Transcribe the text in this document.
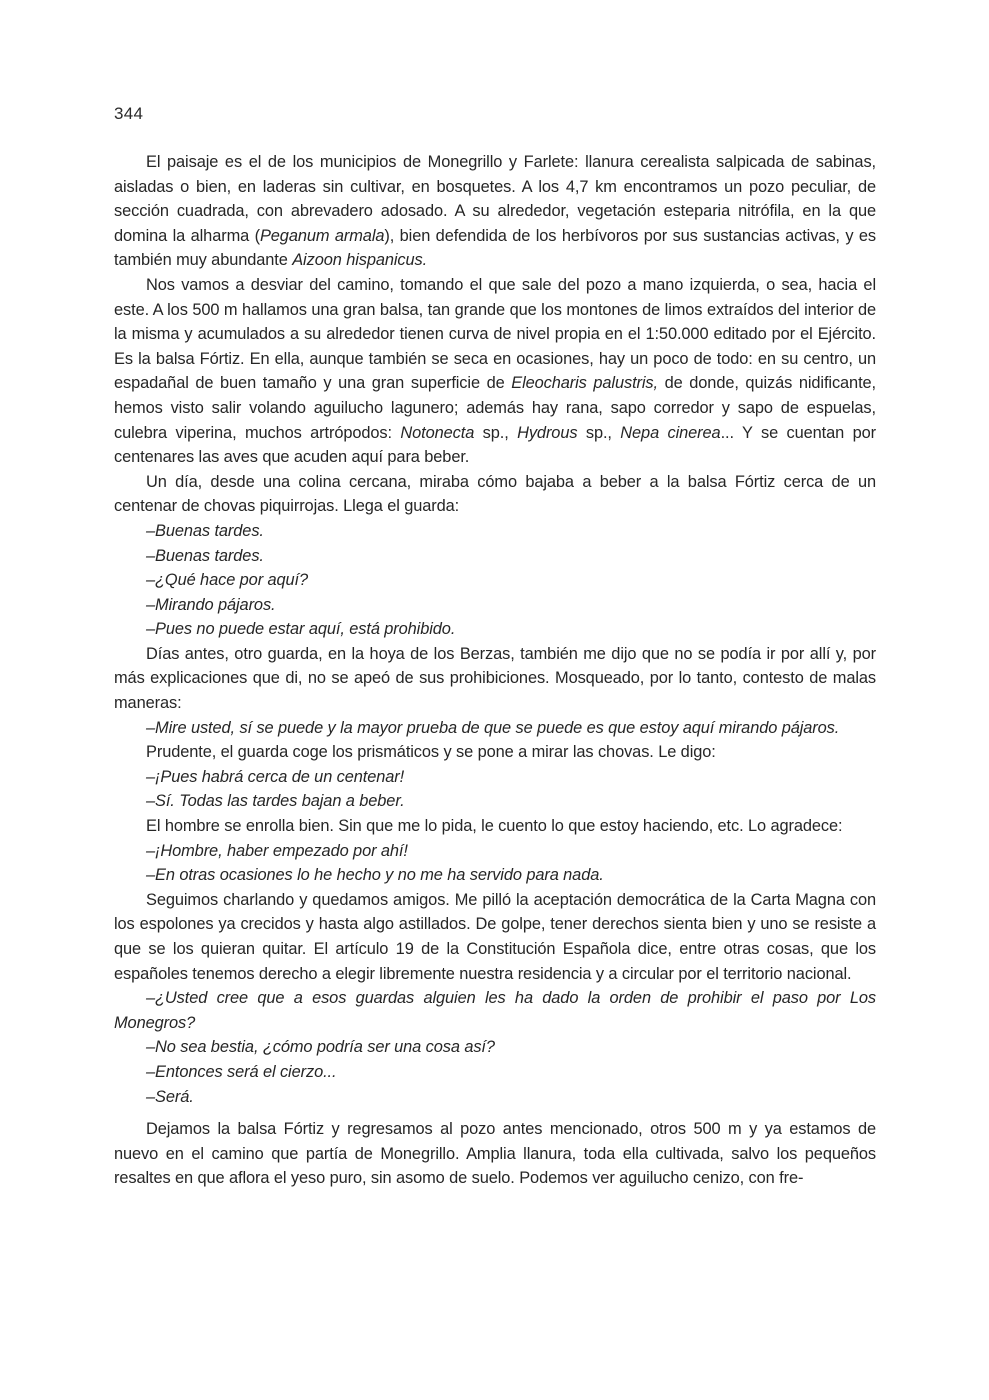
344

El paisaje es el de los municipios de Monegrillo y Farlete: llanura cerealista salpicada de sabinas, aisladas o bien, en laderas sin cultivar, en bosquetes. A los 4,7 km encontramos un pozo peculiar, de sección cuadrada, con abrevadero adosado. A su alrededor, vegetación esteparia nitrófila, en la que domina la alharma (Peganum armala), bien defendida de los herbívoros por sus sustancias activas, y es también muy abundante Aizoon hispanicus.

Nos vamos a desviar del camino, tomando el que sale del pozo a mano izquierda, o sea, hacia el este. A los 500 m hallamos una gran balsa, tan grande que los montones de limos extraídos del interior de la misma y acumulados a su alrededor tienen curva de nivel propia en el 1:50.000 editado por el Ejército. Es la balsa Fórtiz. En ella, aunque también se seca en ocasiones, hay un poco de todo: en su centro, un espadañal de buen tamaño y una gran superficie de Eleocharis palustris, de donde, quizás nidificante, hemos visto salir volando aguilucho lagunero; además hay rana, sapo corredor y sapo de espuelas, culebra viperina, muchos artrópodos: Notonecta sp., Hydrous sp., Nepa cinerea... Y se cuentan por centenares las aves que acuden aquí para beber.

Un día, desde una colina cercana, miraba cómo bajaba a beber a la balsa Fórtiz cerca de un centenar de chovas piquirrojas. Llega el guarda:

–Buenas tardes.

–Buenas tardes.

–¿Qué hace por aquí?

–Mirando pájaros.

–Pues no puede estar aquí, está prohibido.

Días antes, otro guarda, en la hoya de los Berzas, también me dijo que no se podía ir por allí y, por más explicaciones que di, no se apeó de sus prohibiciones. Mosqueado, por lo tanto, contesto de malas maneras:

–Mire usted, sí se puede y la mayor prueba de que se puede es que estoy aquí mirando pájaros.

Prudente, el guarda coge los prismáticos y se pone a mirar las chovas. Le digo:

–¡Pues habrá cerca de un centenar!

–Sí. Todas las tardes bajan a beber.

El hombre se enrolla bien. Sin que me lo pida, le cuento lo que estoy haciendo, etc. Lo agradece:

–¡Hombre, haber empezado por ahí!

–En otras ocasiones lo he hecho y no me ha servido para nada.

Seguimos charlando y quedamos amigos. Me pilló la aceptación democrática de la Carta Magna con los espolones ya crecidos y hasta algo astillados. De golpe, tener derechos sienta bien y uno se resiste a que se los quieran quitar. El artículo 19 de la Constitución Española dice, entre otras cosas, que los españoles tenemos derecho a elegir libremente nuestra residencia y a circular por el territorio nacional.

–¿Usted cree que a esos guardas alguien les ha dado la orden de prohibir el paso por Los Monegros?

–No sea bestia, ¿cómo podría ser una cosa así?

–Entonces será el cierzo...

–Será.

Dejamos la balsa Fórtiz y regresamos al pozo antes mencionado, otros 500 m y ya estamos de nuevo en el camino que partía de Monegrillo. Amplia llanura, toda ella cultivada, salvo los pequeños resaltes en que aflora el yeso puro, sin asomo de suelo. Podemos ver aguilucho cenizo, con fre-
